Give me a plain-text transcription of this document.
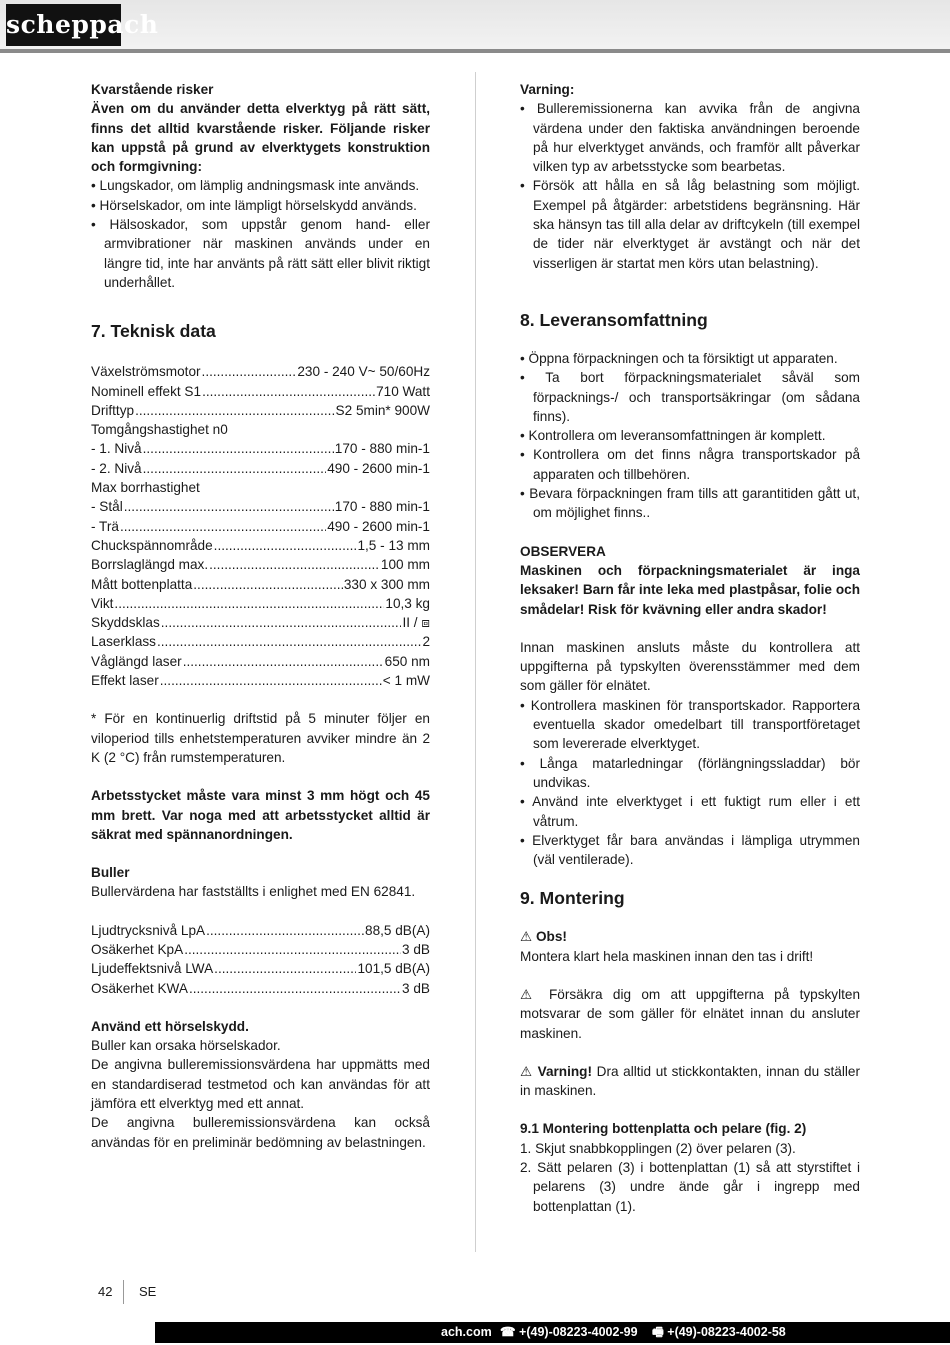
scheppach

Kvarstående risker

Även om du använder detta elverktyg på rätt sätt, finns det alltid kvarstående risker. Följande risker kan uppstå på grund av elverktygets konstruktion och formgivning:

• Lungskador, om lämplig andningsmask inte används.

• Hörselskador, om inte lämpligt hörselskydd används.

• Hälsoskador, som uppstår genom hand- eller armvibrationer när maskinen används under en längre tid, inte har använts på rätt sätt eller blivit riktigt underhållet.

7. Teknisk data
Växelströmsmotor .....	230 - 240 V~ 50/60Hz
Nominell effekt S1 .....	710 Watt
Drifttyp .....	S2 5min* 900W
Tomgångshastighet n0
- 1. Nivå .....	170 - 880 min-1
- 2. Nivå .....	490 - 2600 min-1
Max borrhastighet
- Stål .....	170 - 880 min-1
- Trä .....	490 - 2600 min-1
Chuckspännområde .....	1,5 - 13 mm
Borrslaglängd max. .....	100 mm
Mått bottenplatta .....	330 x 300 mm
Vikt .....	10,3 kg
Skyddsklas .....	II / ⧈
Laserklass .....	2
Våglängd laser .....	650 nm
Effekt laser .....	< 1 mW

* För en kontinuerlig driftstid på 5 minuter följer en viloperiod tills enhetstemperaturen avviker mindre än 2 K (2 °C) från rumstemperaturen.

Arbetsstycket måste vara minst 3 mm högt och 45 mm brett. Var noga med att arbetsstycket alltid är säkrat med spännanordningen.

Buller

Bullervärdena har fastställts i enlighet med EN 62841.

Ljudtrycksnivå LpA .....	88,5 dB(A)
Osäkerhet KpA .....	3 dB
Ljudeffektsnivå LWA .....	101,5 dB(A)
Osäkerhet KWA .....	3 dB

Använd ett hörselskydd.

Buller kan orsaka hörselskador.

De angivna bulleremissionsvärdena har uppmätts med en standardiserad testmetod och kan användas för att jämföra ett elverktyg med ett annat.

De angivna bulleremissionsvärdena kan också användas för en preliminär bedömning av belastningen.

Varning:

• Bulleremissionerna kan avvika från de angivna värdena under den faktiska användningen beroende på hur elverktyget används, och framför allt påverkar vilken typ av arbetsstycke som bearbetas.

• Försök att hålla en så låg belastning som möjligt. Exempel på åtgärder: arbetstidens begränsning. Här ska hänsyn tas till alla delar av driftcykeln (till exempel de tider när elverktyget är avstängt och när det visserligen är startat men körs utan belastning).

8. Leveransomfattning

• Öppna förpackningen och ta försiktigt ut apparaten.

• Ta bort förpackningsmaterialet såväl som förpacknings-/ och transportsäkringar (om sådana finns).

• Kontrollera om leveransomfattningen är komplett.

• Kontrollera om det finns några transportskador på apparaten och tillbehören.

• Bevara förpackningen fram tills att garantitiden gått ut, om möjlighet finns..

OBSERVERA

Maskinen och förpackningsmaterialet är inga leksaker! Barn får inte leka med plastpåsar, folie och smådelar! Risk för kvävning eller andra skador!

Innan maskinen ansluts måste du kontrollera att uppgifterna på typskylten överensstämmer med dem som gäller för elnätet.

• Kontrollera maskinen för transportskador. Rapportera eventuella skador omedelbart till transportföretaget som levererade elverktyget.

• Långa matarledningar (förlängningssladdar) bör undvikas.

• Använd inte elverktyget i ett fuktigt rum eller i ett våtrum.

• Elverktyget får bara användas i lämpliga utrymmen (väl ventilerade).

9. Montering

⚠ Obs!

Montera klart hela maskinen innan den tas i drift!

⚠ Försäkra dig om att uppgifterna på typskylten motsvarar de som gäller för elnätet innan du ansluter maskinen.

⚠ Varning! Dra alltid ut stickkontakten, innan du ställer in maskinen.

9.1 Montering bottenplatta och pelare (fig. 2)

1. Skjut snabbkopplingen (2) över pelaren (3).

2. Sätt pelaren (3) i bottenplattan (1) så att styrstiftet i pelarens (3) undre ände går i ingrepp med bottenplattan (1).

42 SE
ach.com ☎ +(49)-08223-4002-99 🖷 +(49)-08223-4002-58
